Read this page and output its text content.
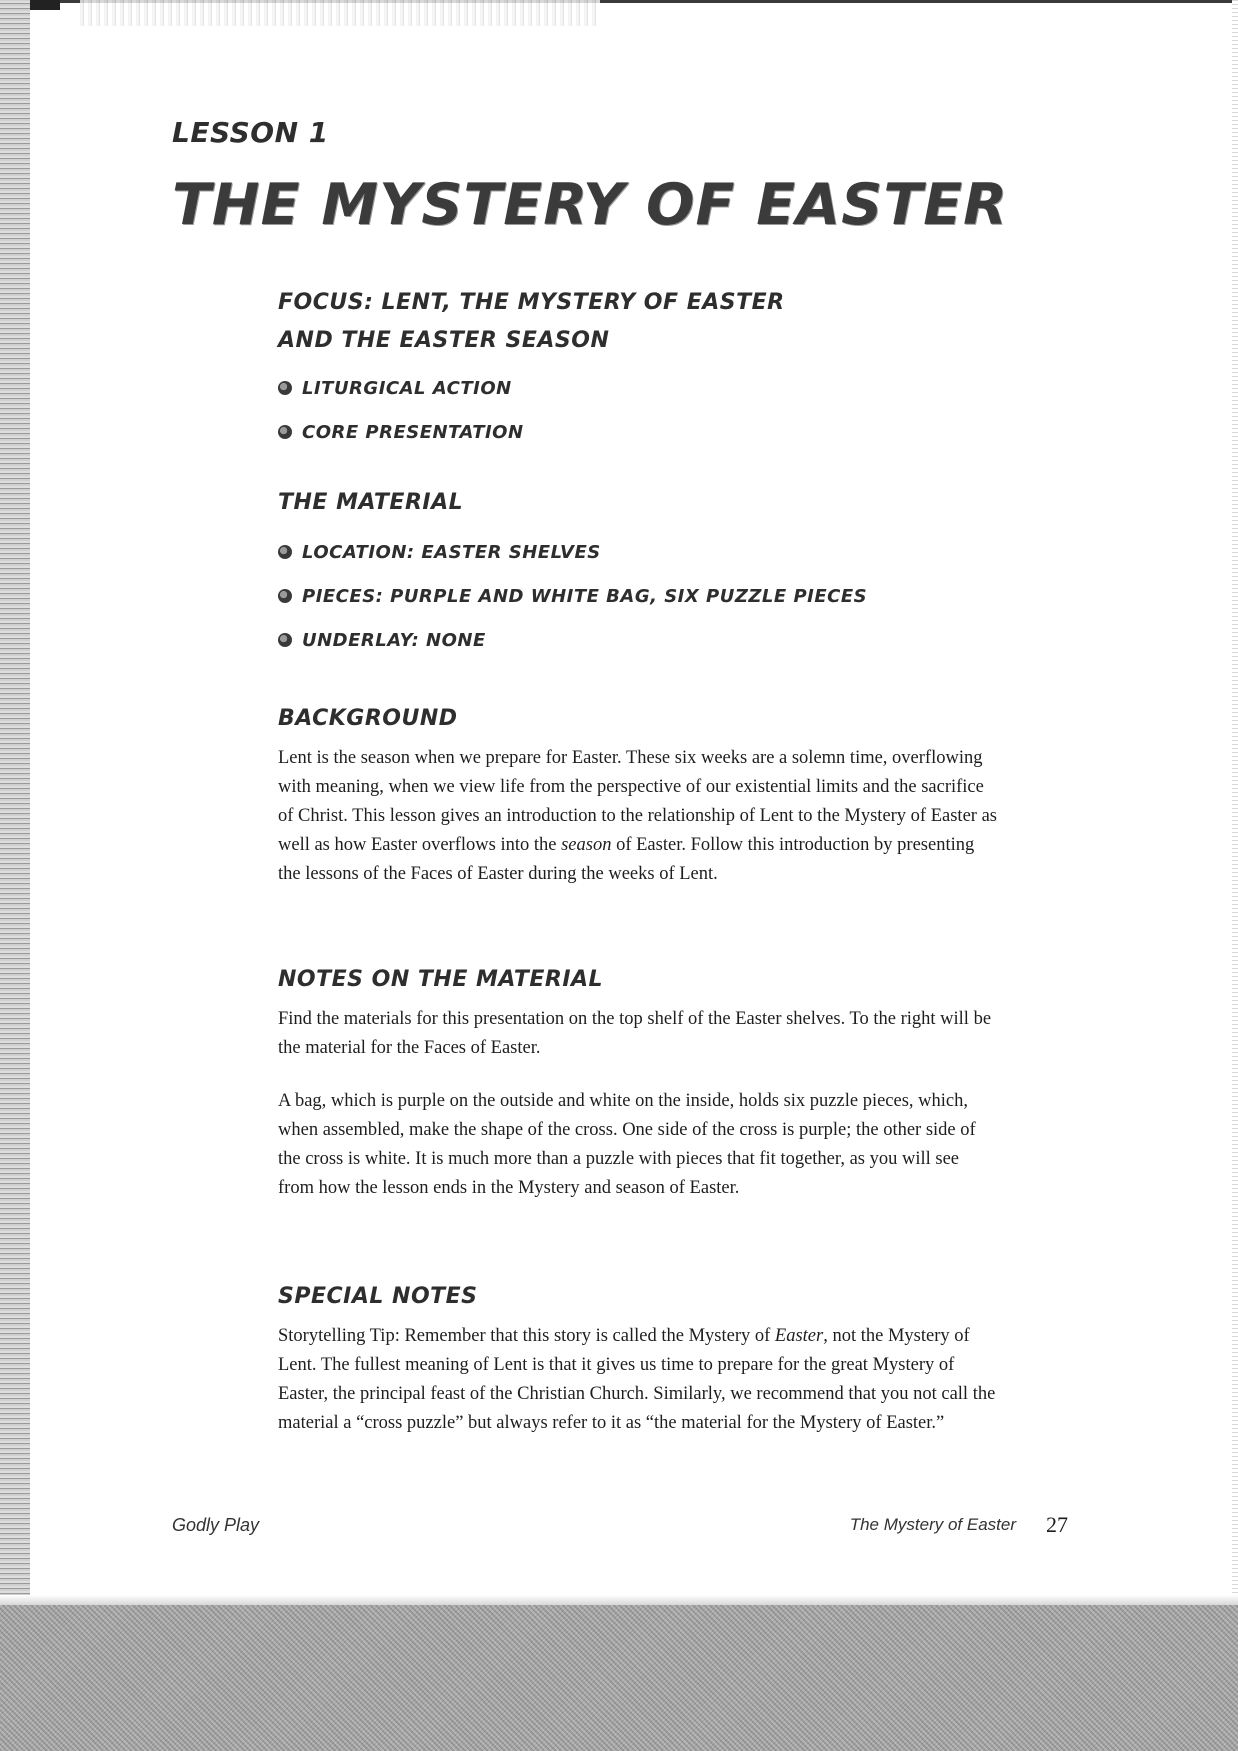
LESSON 1
THE MYSTERY OF EASTER

FOCUS: LENT, THE MYSTERY OF EASTER

AND THE EASTER SEASON

LITURGICAL ACTION
CORE PRESENTATION

THE MATERIAL

LOCATION: EASTER SHELVES
PIECES: PURPLE AND WHITE BAG, SIX PUZZLE PIECES
UNDERLAY: NONE

BACKGROUND

Lent is the season when we prepare for Easter. These six weeks are a solemn time, overflowing with meaning, when we view life from the perspective of our existential limits and the sacrifice of Christ. This lesson gives an introduction to the relationship of Lent to the Mystery of Easter as well as how Easter overflows into the season of Easter. Follow this introduction by presenting the lessons of the Faces of Easter during the weeks of Lent.

NOTES ON THE MATERIAL

Find the materials for this presentation on the top shelf of the Easter shelves. To the right will be the material for the Faces of Easter.

A bag, which is purple on the outside and white on the inside, holds six puzzle pieces, which, when assembled, make the shape of the cross. One side of the cross is purple; the other side of the cross is white. It is much more than a puzzle with pieces that fit together, as you will see from how the lesson ends in the Mystery and season of Easter.

SPECIAL NOTES

Storytelling Tip: Remember that this story is called the Mystery of Easter, not the Mystery of Lent. The fullest meaning of Lent is that it gives us time to prepare for the great Mystery of Easter, the principal feast of the Christian Church. Similarly, we recommend that you not call the material a “cross puzzle” but always refer to it as “the material for the Mystery of Easter.”

Godly Play	The Mystery of Easter 27
